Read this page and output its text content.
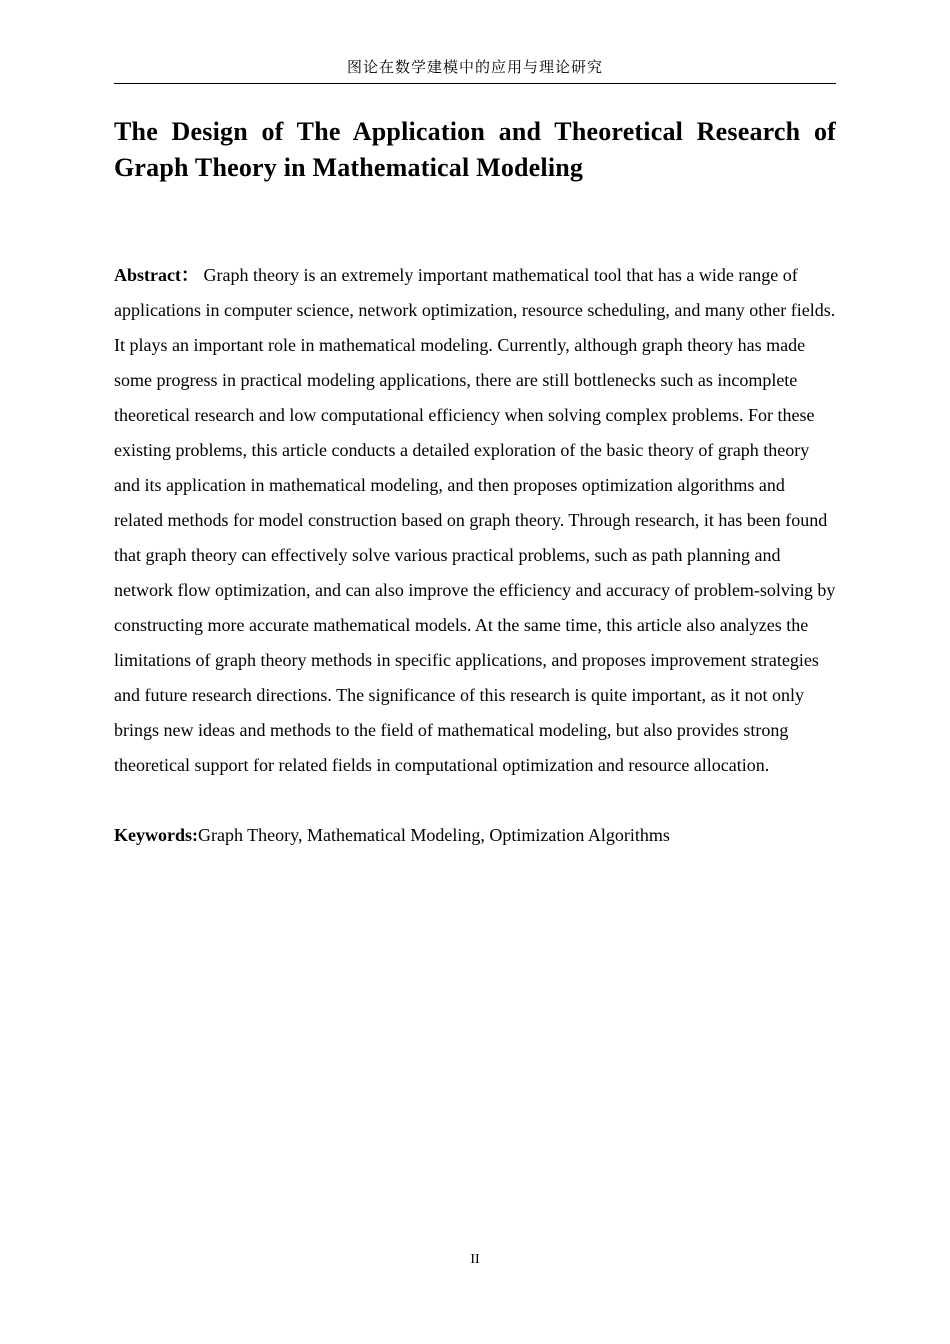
图论在数学建模中的应用与理论研究
The Design of The Application and Theoretical Research of Graph Theory in Mathematical Modeling

Abstract： Graph theory is an extremely important mathematical tool that has a wide range of applications in computer science, network optimization, resource scheduling, and many other fields. It plays an important role in mathematical modeling. Currently, although graph theory has made some progress in practical modeling applications, there are still bottlenecks such as incomplete theoretical research and low computational efficiency when solving complex problems. For these existing problems, this article conducts a detailed exploration of the basic theory of graph theory and its application in mathematical modeling, and then proposes optimization algorithms and related methods for model construction based on graph theory. Through research, it has been found that graph theory can effectively solve various practical problems, such as path planning and network flow optimization, and can also improve the efficiency and accuracy of problem-solving by constructing more accurate mathematical models. At the same time, this article also analyzes the limitations of graph theory methods in specific applications, and proposes improvement strategies and future research directions. The significance of this research is quite important, as it not only brings new ideas and methods to the field of mathematical modeling, but also provides strong theoretical support for related fields in computational optimization and resource allocation.

Keywords:Graph Theory, Mathematical Modeling, Optimization Algorithms

II
